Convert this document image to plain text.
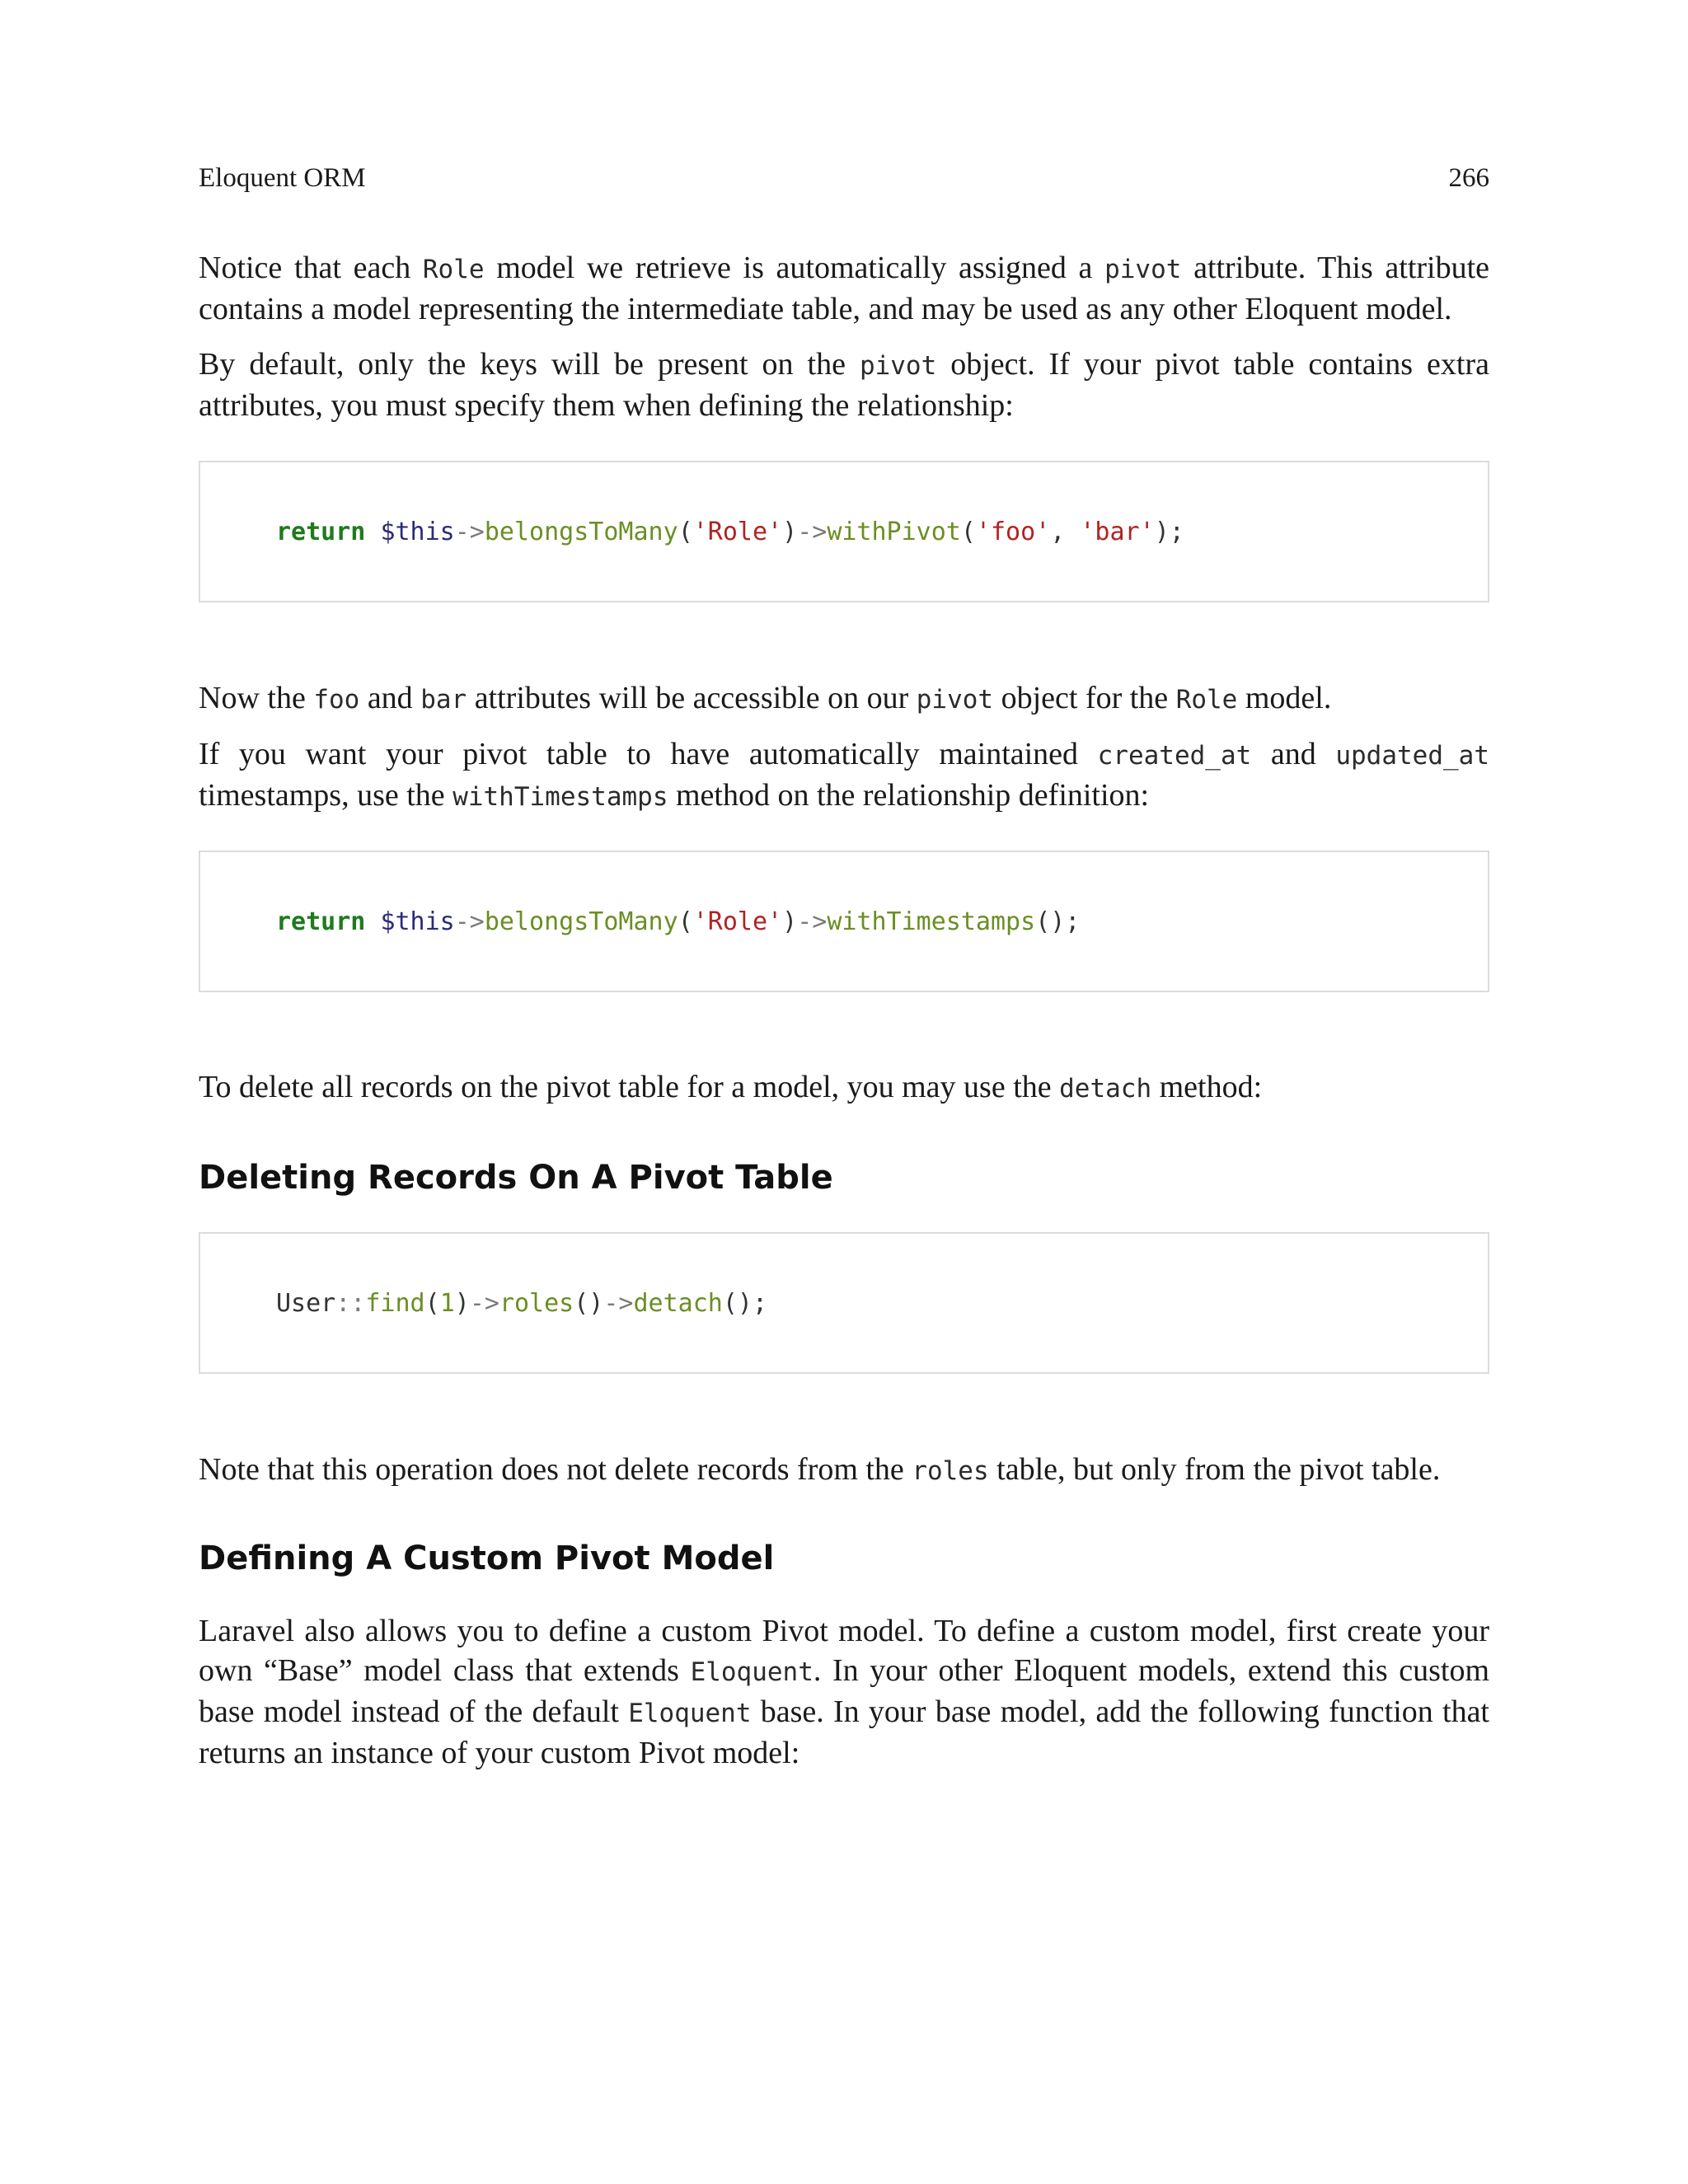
Eloquent ORM	266

Notice that each Role model we retrieve is automatically assigned a pivot attribute. This attribute contains a model representing the intermediate table, and may be used as any other Eloquent model.

By default, only the keys will be present on the pivot object. If your pivot table contains extra attributes, you must specify them when defining the relationship:

return $this->belongsToMany('Role')->withPivot('foo', 'bar');

Now the foo and bar attributes will be accessible on our pivot object for the Role model.

If you want your pivot table to have automatically maintained created_at and updated_at timestamps, use the withTimestamps method on the relationship definition:

return $this->belongsToMany('Role')->withTimestamps();

To delete all records on the pivot table for a model, you may use the detach method:

Deleting Records On A Pivot Table
User::find(1)->roles()->detach();

Note that this operation does not delete records from the roles table, but only from the pivot table.

Defining A Custom Pivot Model

Laravel also allows you to define a custom Pivot model. To define a custom model, first create your own “Base” model class that extends Eloquent. In your other Eloquent models, extend this custom base model instead of the default Eloquent base. In your base model, add the following function that returns an instance of your custom Pivot model:
